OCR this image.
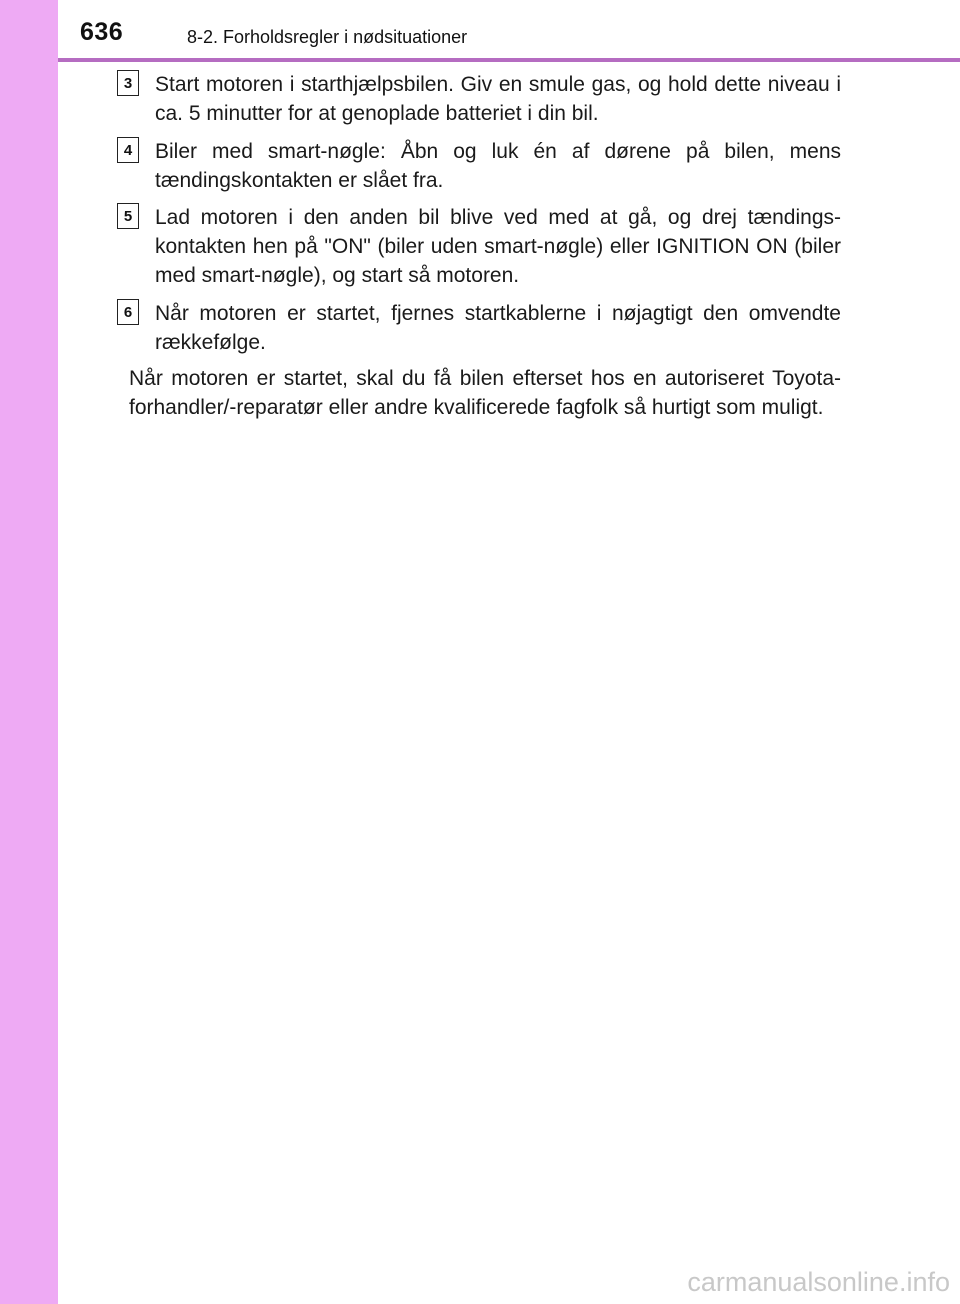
636	8-2. Forholdsregler i nødsituationer
3	Start motoren i starthjælpsbilen. Giv en smule gas, og hold dette niveau i ca. 5 minutter for at genoplade batteriet i din bil.

4	Biler med smart-nøgle: Åbn og luk én af dørene på bilen, mens tændingskontakten er slået fra.

5	Lad motoren i den anden bil blive ved med at gå, og drej tændings-kontakten hen på "ON" (biler uden smart-nøgle) eller IGNITION ON (biler med smart-nøgle), og start så motoren.

6	Når motoren er startet, fjernes startkablerne i nøjagtigt den omvendte rækkefølge.

Når motoren er startet, skal du få bilen efterset hos en autoriseret Toyota-forhandler/-reparatør eller andre kvalificerede fagfolk så hurtigt som muligt.

carmanualsonline.info
